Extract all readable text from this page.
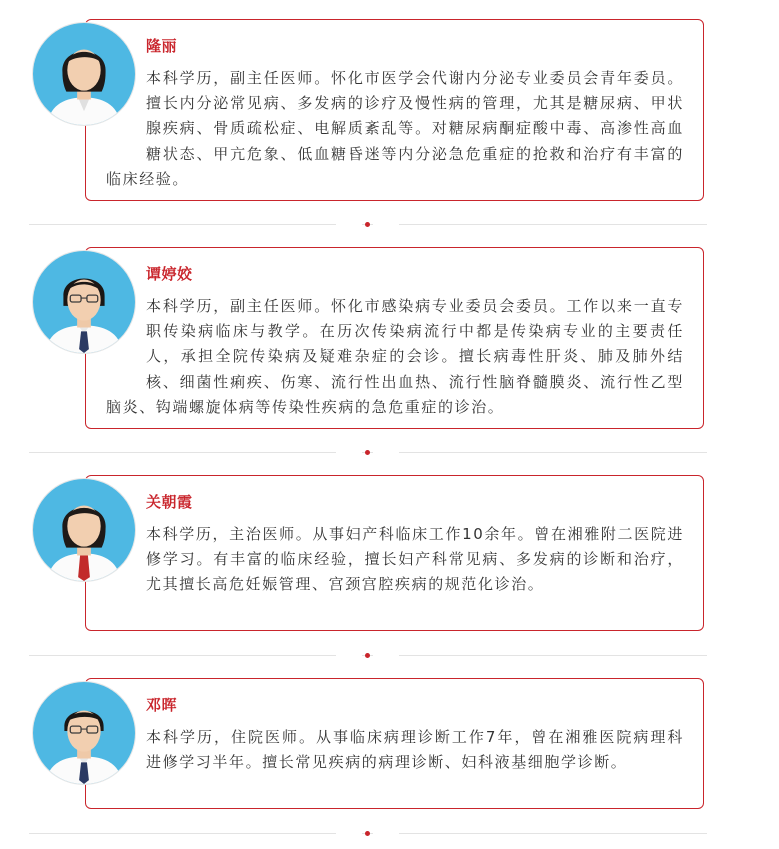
隆丽

本科学历，副主任医师。怀化市医学会代谢内分泌专业委员会青年委员。擅长内分泌常见病、多发病的诊疗及慢性病的管理，尤其是糖尿病、甲状腺疾病、骨质疏松症、电解质紊乱等。对糖尿病酮症酸中毒、高渗性高血糖状态、甲亢危象、低血糖昏迷等内分泌急危重症的抢救和治疗有丰富的临床经验。

谭婷姣

本科学历，副主任医师。怀化市感染病专业委员会委员。工作以来一直专职传染病临床与教学。在历次传染病流行中都是传染病专业的主要责任人，承担全院传染病及疑难杂症的会诊。擅长病毒性肝炎、肺及肺外结核、细菌性痢疾、伤寒、流行性出血热、流行性脑脊髓膜炎、流行性乙型脑炎、钩端螺旋体病等传染性疾病的急危重症的诊治。

关朝霞

本科学历，主治医师。从事妇产科临床工作10余年。曾在湘雅附二医院进修学习。有丰富的临床经验，擅长妇产科常见病、多发病的诊断和治疗，尤其擅长高危妊娠管理、宫颈宫腔疾病的规范化诊治。

邓晖

本科学历，住院医师。从事临床病理诊断工作7年，曾在湘雅医院病理科进修学习半年。擅长常见疾病的病理诊断、妇科液基细胞学诊断。
